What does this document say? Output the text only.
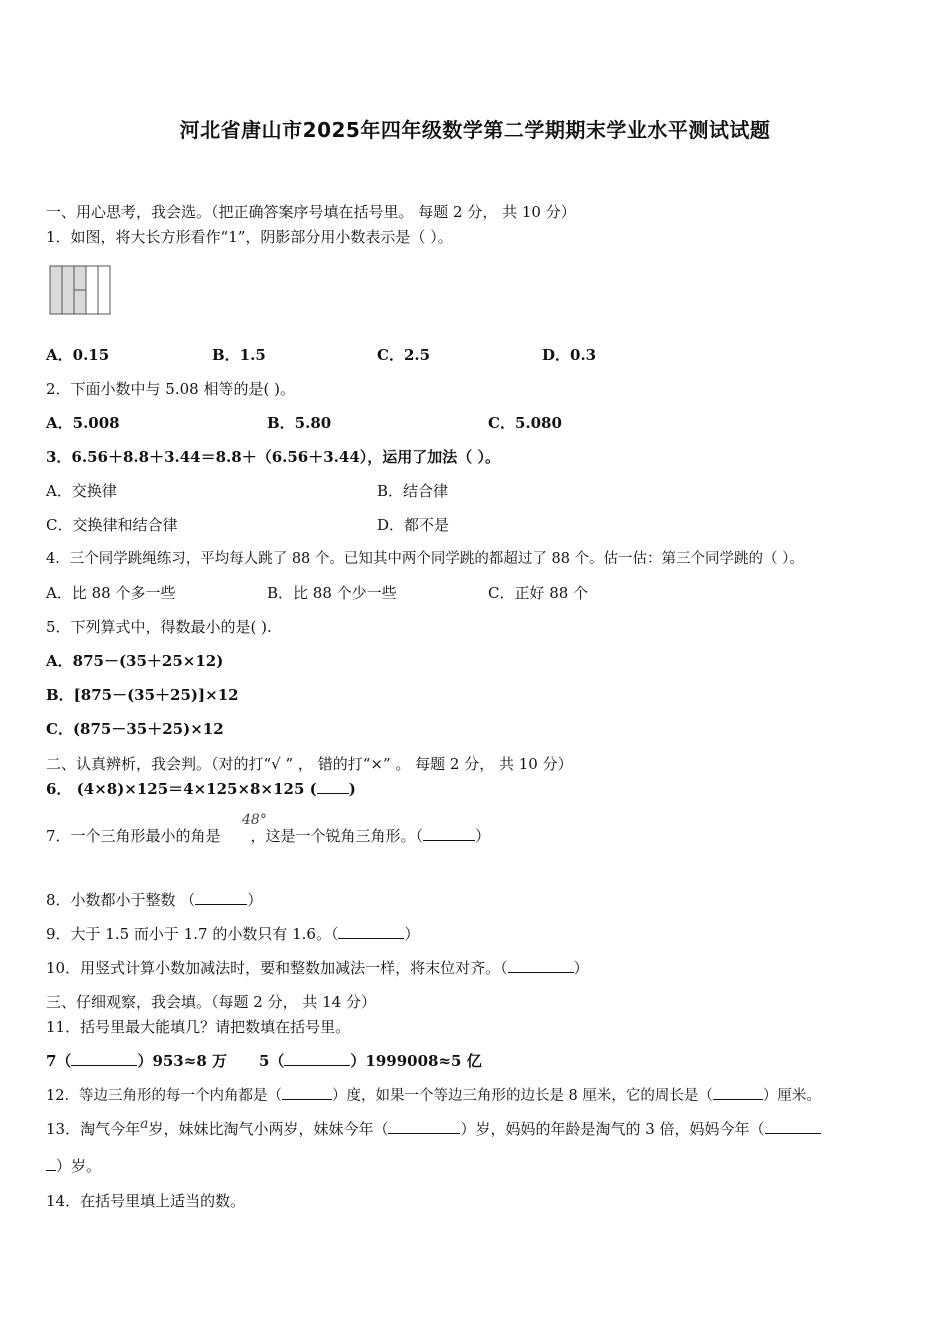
河北省唐山市2025年四年级数学第二学期期末学业水平测试试题
一、用心思考，我会选。（把正确答案序号填在括号里。 每题 2 分， 共 10 分）
1．如图，将大长方形看作“1”，阴影部分用小数表示是（ ）。
A．0.15	B．1.5	C．2.5	D．0.3
2．下面小数中与 5.08 相等的是( )。
A．5.008	B．5.80	C．5.080
3．6.56＋8.8＋3.44＝8.8＋（6.56＋3.44），运用了加法（ ）。
A．交换律	B．结合律
C．交换律和结合律	D．都不是
4．三个同学跳绳练习，平均每人跳了 88 个。已知其中两个同学跳的都超过了 88 个。估一估：第三个同学跳的（ ）。
A．比 88 个多一些	B．比 88 个少一些	C．正好 88 个
5．下列算式中，得数最小的是( ).
A．875－(35＋25×12)
B．[875－(35＋25)]×12
C．(875－35＋25)×12
二、认真辨析，我会判。（对的打“√ ” ， 错的打“×” 。 每题 2 分， 共 10 分）
6． (4×8)×125＝4×125×8×125 ( )
48°
7．一个三角形最小的角是 ，这是一个锐角三角形。（	）
8．小数都小于整数 （	）
9．大于 1.5 而小于 1.7 的小数只有 1.6。（	）
10．用竖式计算小数加减法时，要和整数加减法一样，将末位对齐。（	）
三、仔细观察，我会填。（每题 2 分， 共 14 分）
11．括号里最大能填几？请把数填在括号里。
7（	）953≈8 万 5（	）1999008≈5 亿
12．等边三角形的每一个内角都是（	）度，如果一个等边三角形的边长是 8 厘米，它的周长是（	）厘米。
13．淘气今年a岁，妹妹比淘气小两岁，妹妹今年（	）岁，妈妈的年龄是淘气的 3 倍，妈妈今年（
）岁。
14．在括号里填上适当的数。
